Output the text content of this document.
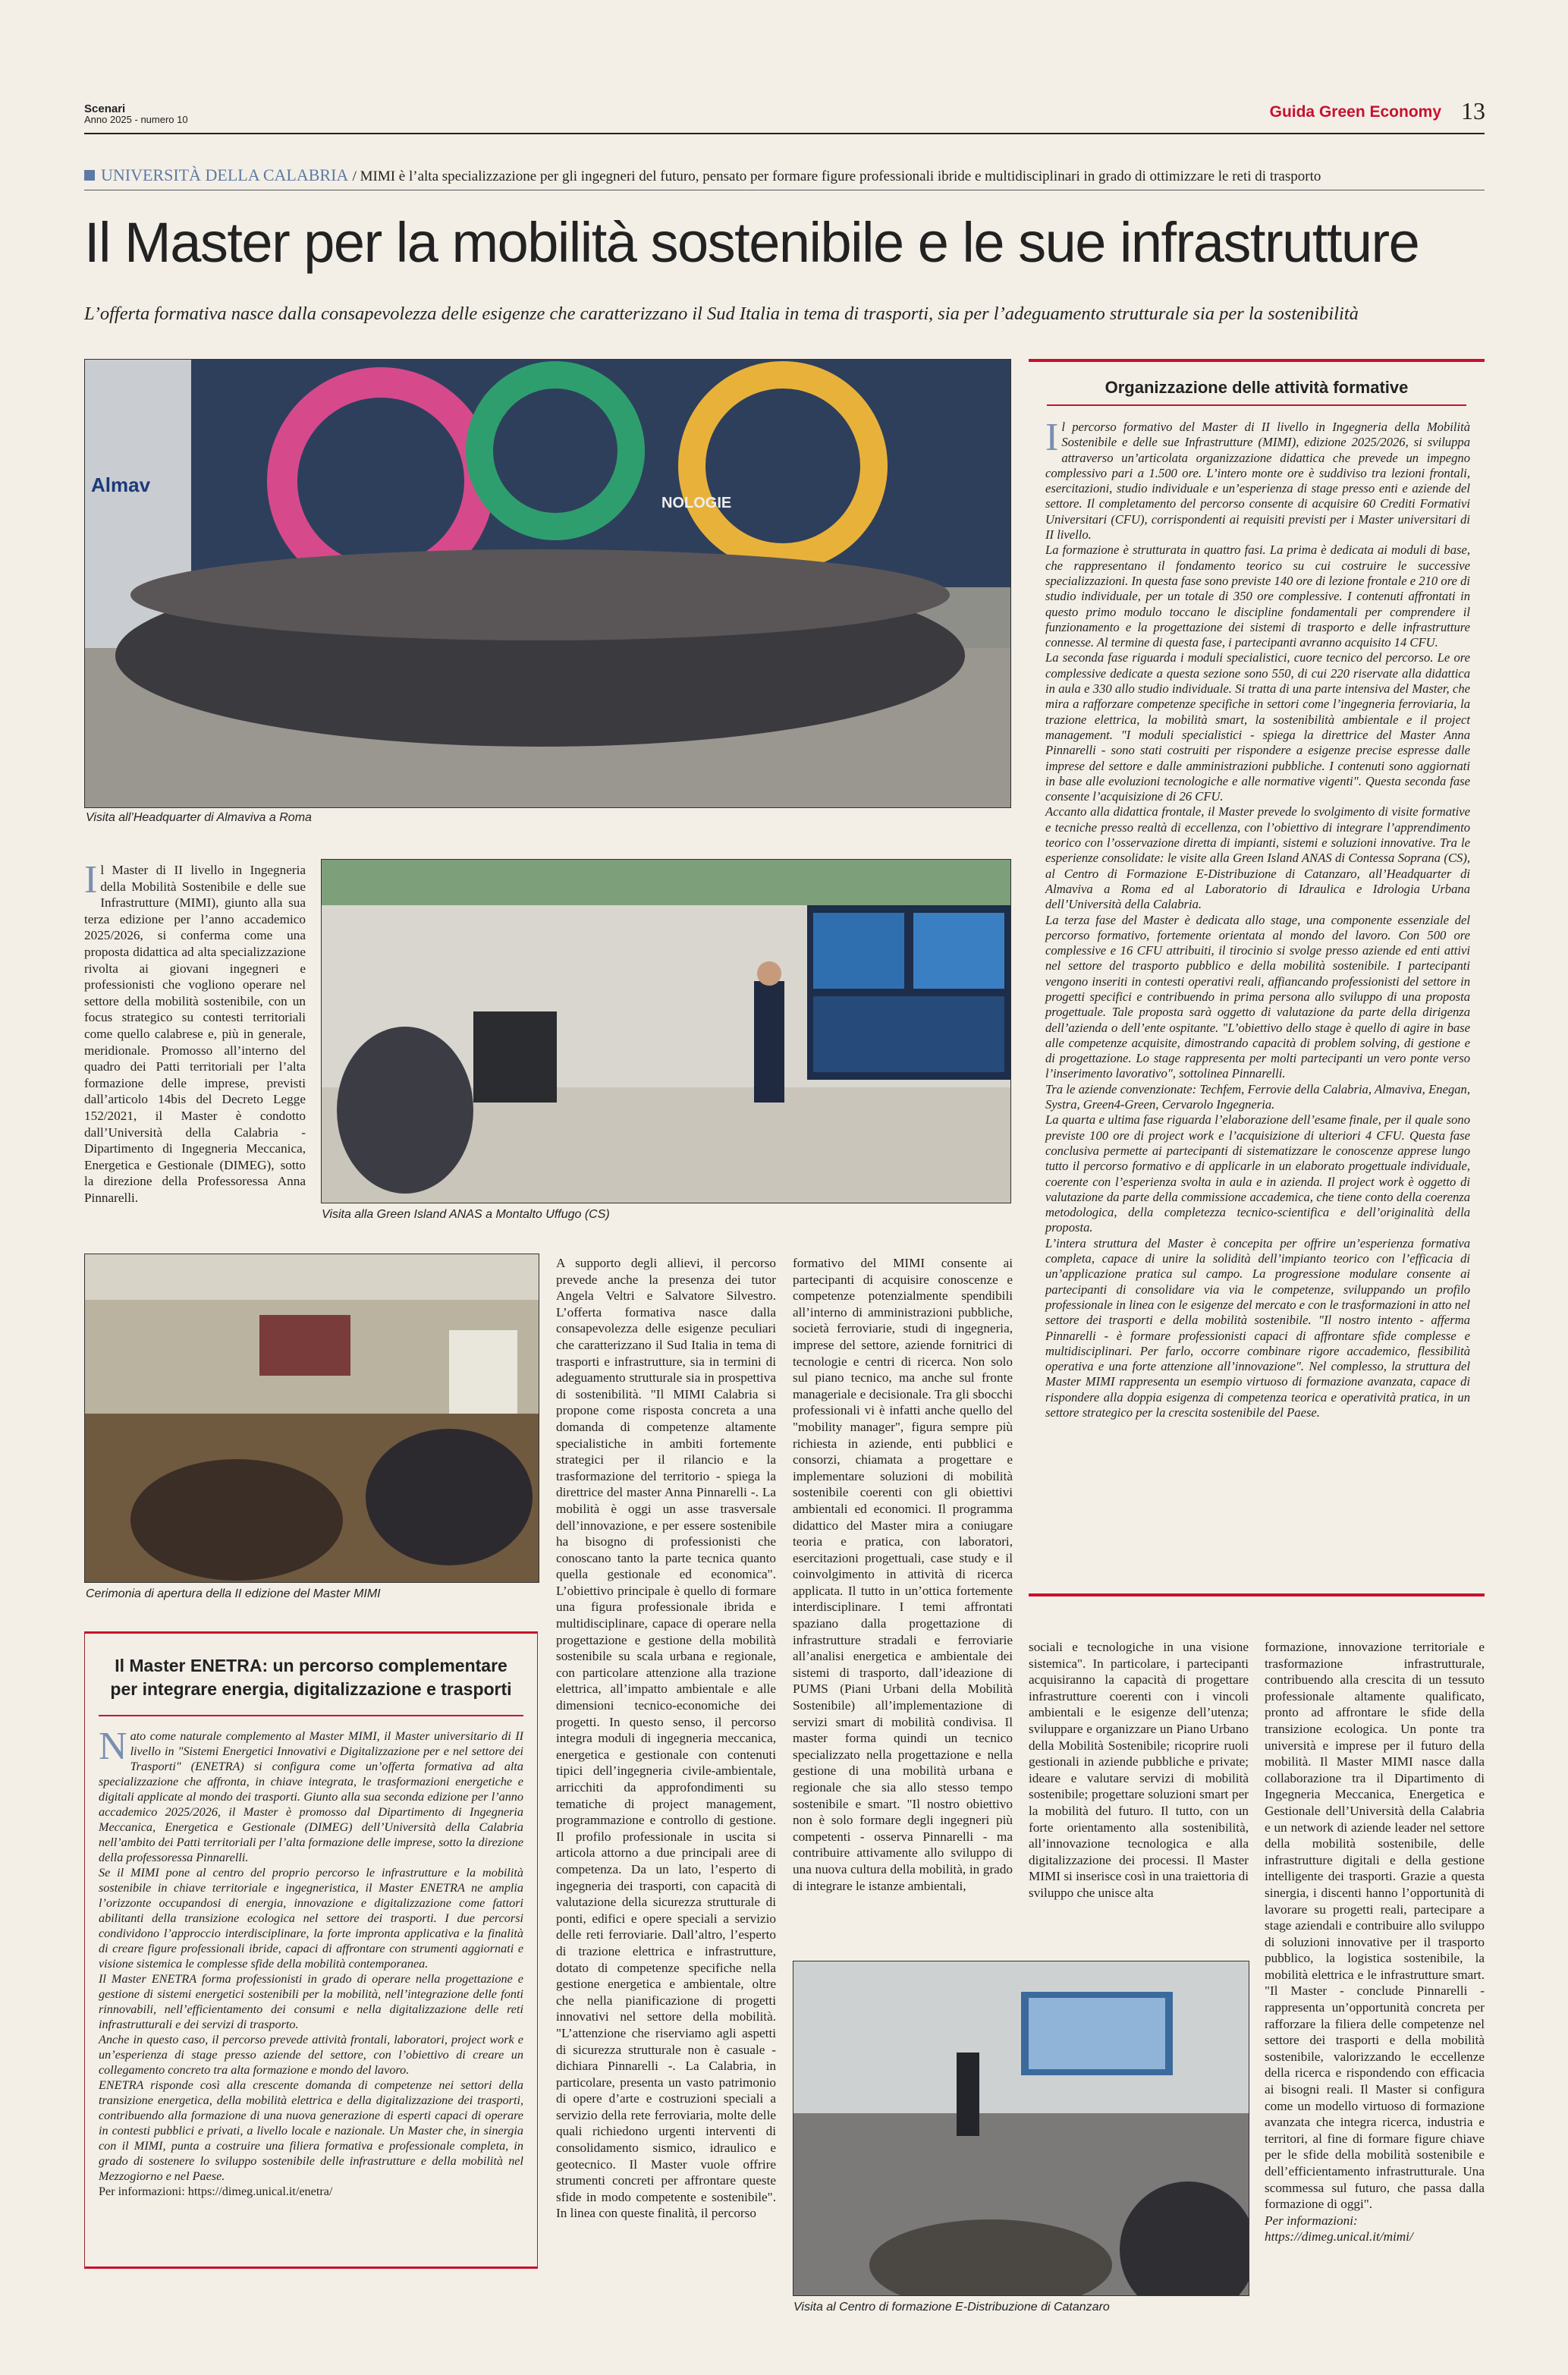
Scenari
Anno 2025 - numero 10	Guida Green Economy 13
UNIVERSITÀ DELLA CALABRIA / MIMI è l’alta specializzazione per gli ingegneri del futuro, pensato per formare figure professionali ibride e multidisciplinari in grado di ottimizzare le reti di trasporto
Il Master per la mobilità sostenibile e le sue infrastrutture
L’offerta formativa nasce dalla consapevolezza delle esigenze che caratterizzano il Sud Italia in tema di trasporti, sia per l’adeguamento strutturale sia per la sostenibilità
Almav
NOLOGIE
Visita all’Headquarter di Almaviva a Roma
Visita alla Green Island ANAS a Montalto Uffugo (CS)
Il Master di II livello in Ingegneria della Mobilità Sostenibile e delle sue Infrastrutture (MIMI), giunto alla sua terza edizione per l’anno accademico 2025/2026, si conferma come una proposta didattica ad alta specializzazione rivolta ai giovani ingegneri e professionisti che vogliono operare nel settore della mobilità sostenibile, con un focus strategico su contesti territoriali come quello calabrese e, più in generale, meridionale. Promosso all’interno del quadro dei Patti territoriali per l’alta formazione delle imprese, previsti dall’articolo 14bis del Decreto Legge 152/2021, il Master è condotto dall’Università della Calabria -Dipartimento di Ingegneria Meccanica, Energetica e Gestionale (DIMEG), sotto la direzione della Professoressa Anna Pinnarelli.
Cerimonia di apertura della II edizione del Master MIMI
A supporto degli allievi, il percorso prevede anche la presenza dei tutor Angela Veltri e Salvatore Silvestro. L’offerta formativa nasce dalla consapevolezza delle esigenze peculiari che caratterizzano il Sud Italia in tema di trasporti e infrastrutture, sia in termini di adeguamento strutturale sia in prospettiva di sostenibilità. "Il MIMI Calabria si propone come risposta concreta a una domanda di competenze altamente specialistiche in ambiti fortemente strategici per il rilancio e la trasformazione del territorio - spiega la direttrice del master Anna Pinnarelli -. La mobilità è oggi un asse trasversale dell’innovazione, e per essere sostenibile ha bisogno di professionisti che conoscano tanto la parte tecnica quanto quella gestionale ed economica". L’obiettivo principale è quello di formare una figura professionale ibrida e multidisciplinare, capace di operare nella progettazione e gestione della mobilità sostenibile su scala urbana e regionale, con particolare attenzione alla trazione elettrica, all’impatto ambientale e alle dimensioni tecnico-economiche dei progetti. In questo senso, il percorso integra moduli di ingegneria meccanica, energetica e gestionale con contenuti tipici dell’ingegneria civile-ambientale, arricchiti da approfondimenti su tematiche di project management, programmazione e controllo di gestione. Il profilo professionale in uscita si articola attorno a due principali aree di competenza. Da un lato, l’esperto di ingegneria dei trasporti, con capacità di valutazione della sicurezza strutturale di ponti, edifici e opere speciali a servizio delle reti ferroviarie. Dall’altro, l’esperto di trazione elettrica e infrastrutture, dotato di competenze specifiche nella gestione energetica e ambientale, oltre che nella pianificazione di progetti innovativi nel settore della mobilità. "L’attenzione che riserviamo agli aspetti di sicurezza strutturale non è casuale - dichiara Pinnarelli -. La Calabria, in particolare, presenta un vasto patrimonio di opere d’arte e costruzioni speciali a servizio della rete ferroviaria, molte delle quali richiedono urgenti interventi di consolidamento sismico, idraulico e geotecnico. Il Master vuole offrire strumenti concreti per affrontare queste sfide in modo competente e sostenibile". In linea con queste finalità, il percorso
formativo del MIMI consente ai partecipanti di acquisire conoscenze e competenze potenzialmente spendibili all’interno di amministrazioni pubbliche, società ferroviarie, studi di ingegneria, imprese del settore, aziende fornitrici di tecnologie e centri di ricerca. Non solo sul piano tecnico, ma anche sul fronte manageriale e decisionale. Tra gli sbocchi professionali vi è infatti anche quello del "mobility manager", figura sempre più richiesta in aziende, enti pubblici e consorzi, chiamata a progettare e implementare soluzioni di mobilità sostenibile coerenti con gli obiettivi ambientali ed economici. Il programma didattico del Master mira a coniugare teoria e pratica, con laboratori, esercitazioni progettuali, case study e il coinvolgimento in attività di ricerca applicata. Il tutto in un’ottica fortemente interdisciplinare. I temi affrontati spaziano dalla progettazione di infrastrutture stradali e ferroviarie all’analisi energetica e ambientale dei sistemi di trasporto, dall’ideazione di PUMS (Piani Urbani della Mobilità Sostenibile) all’implementazione di servizi smart di mobilità condivisa. Il master forma quindi un tecnico specializzato nella progettazione e nella gestione di una mobilità urbana e regionale che sia allo stesso tempo sostenibile e smart. "Il nostro obiettivo non è solo formare degli ingegneri più competenti - osserva Pinnarelli - ma contribuire attivamente allo sviluppo di una nuova cultura della mobilità, in grado di integrare le istanze ambientali,
sociali e tecnologiche in una visione sistemica". In particolare, i partecipanti acquisiranno la capacità di progettare infrastrutture coerenti con i vincoli ambientali e le esigenze dell’utenza; sviluppare e organizzare un Piano Urbano della Mobilità Sostenibile; ricoprire ruoli gestionali in aziende pubbliche e private; ideare e valutare servizi di mobilità sostenibile; progettare soluzioni smart per la mobilità del futuro. Il tutto, con un forte orientamento alla sostenibilità, all’innovazione tecnologica e alla digitalizzazione dei processi. Il Master MIMI si inserisce così in una traiettoria di sviluppo che unisce alta
formazione, innovazione territoriale e trasformazione infrastrutturale, contribuendo alla crescita di un tessuto professionale altamente qualificato, pronto ad affrontare le sfide della transizione ecologica. Un ponte tra università e imprese per il futuro della mobilità. Il Master MIMI nasce dalla collaborazione tra il Dipartimento di Ingegneria Meccanica, Energetica e Gestionale dell’Università della Calabria e un network di aziende leader nel settore della mobilità sostenibile, delle infrastrutture digitali e della gestione intelligente dei trasporti. Grazie a questa sinergia, i discenti hanno l’opportunità di lavorare su progetti reali, partecipare a stage aziendali e contribuire allo sviluppo di soluzioni innovative per il trasporto pubblico, la logistica sostenibile, la mobilità elettrica e le infrastrutture smart. "Il Master - conclude Pinnarelli - rappresenta un’opportunità concreta per rafforzare la filiera delle competenze nel settore dei trasporti e della mobilità sostenibile, valorizzando le eccellenze della ricerca e rispondendo con efficacia ai bisogni reali. Il Master si configura come un modello virtuoso di formazione avanzata che integra ricerca, industria e territori, al fine di formare figure chiave per le sfide della mobilità sostenibile e dell’efficientamento infrastrutturale. Una scommessa sul futuro, che passa dalla formazione di oggi".
Per informazioni:
https://dimeg.unical.it/mimi/
Visita al Centro di formazione E-Distribuzione di Catanzaro
Organizzazione delle attività formative

Il percorso formativo del Master di II livello in Ingegneria della Mobilità Sostenibile e delle sue Infrastrutture (MIMI), edizione 2025/2026, si sviluppa attraverso un’articolata organizzazione didattica che prevede un impegno complessivo pari a 1.500 ore. L’intero monte ore è suddiviso tra lezioni frontali, esercitazioni, studio individuale e un’esperienza di stage presso enti e aziende del settore. Il completamento del percorso consente di acquisire 60 Crediti Formativi Universitari (CFU), corrispondenti ai requisiti previsti per i Master universitari di II livello.

La formazione è strutturata in quattro fasi. La prima è dedicata ai moduli di base, che rappresentano il fondamento teorico su cui costruire le successive specializzazioni. In questa fase sono previste 140 ore di lezione frontale e 210 ore di studio individuale, per un totale di 350 ore complessive. I contenuti affrontati in questo primo modulo toccano le discipline fondamentali per comprendere il funzionamento e la progettazione dei sistemi di trasporto e delle infrastrutture connesse. Al termine di questa fase, i partecipanti avranno acquisito 14 CFU.

La seconda fase riguarda i moduli specialistici, cuore tecnico del percorso. Le ore complessive dedicate a questa sezione sono 550, di cui 220 riservate alla didattica in aula e 330 allo studio individuale. Si tratta di una parte intensiva del Master, che mira a rafforzare competenze specifiche in settori come l’ingegneria ferroviaria, la trazione elettrica, la mobilità smart, la sostenibilità ambientale e il project management. "I moduli specialistici - spiega la direttrice del Master Anna Pinnarelli - sono stati costruiti per rispondere a esigenze precise espresse dalle imprese del settore e dalle amministrazioni pubbliche. I contenuti sono aggiornati in base alle evoluzioni tecnologiche e alle normative vigenti". Questa seconda fase consente l’acquisizione di 26 CFU.

Accanto alla didattica frontale, il Master prevede lo svolgimento di visite formative e tecniche presso realtà di eccellenza, con l’obiettivo di integrare l’apprendimento teorico con l’osservazione diretta di impianti, sistemi e soluzioni innovative. Tra le esperienze consolidate: le visite alla Green Island ANAS di Contessa Soprana (CS), al Centro di Formazione E-Distribuzione di Catanzaro, all’Headquarter di Almaviva a Roma ed al Laboratorio di Idraulica e Idrologia Urbana dell’Università della Calabria.

La terza fase del Master è dedicata allo stage, una componente essenziale del percorso formativo, fortemente orientata al mondo del lavoro. Con 500 ore complessive e 16 CFU attribuiti, il tirocinio si svolge presso aziende ed enti attivi nel settore del trasporto pubblico e della mobilità sostenibile. I partecipanti vengono inseriti in contesti operativi reali, affiancando professionisti del settore in progetti specifici e contribuendo in prima persona allo sviluppo di una proposta progettuale. Tale proposta sarà oggetto di valutazione da parte della dirigenza dell’azienda o dell’ente ospitante. "L’obiettivo dello stage è quello di agire in base alle competenze acquisite, dimostrando capacità di problem solving, di gestione e di progettazione. Lo stage rappresenta per molti partecipanti un vero ponte verso l’inserimento lavorativo", sottolinea Pinnarelli.

Tra le aziende convenzionate: Techfem, Ferrovie della Calabria, Almaviva, Enegan, Systra, Green4-Green, Cervarolo Ingegneria.

La quarta e ultima fase riguarda l’elaborazione dell’esame finale, per il quale sono previste 100 ore di project work e l’acquisizione di ulteriori 4 CFU. Questa fase conclusiva permette ai partecipanti di sistematizzare le conoscenze apprese lungo tutto il percorso formativo e di applicarle in un elaborato progettuale individuale, coerente con l’esperienza svolta in aula e in azienda. Il project work è oggetto di valutazione da parte della commissione accademica, che tiene conto della coerenza metodologica, della completezza tecnico-scientifica e dell’originalità della proposta.

L’intera struttura del Master è concepita per offrire un’esperienza formativa completa, capace di unire la solidità dell’impianto teorico con l’efficacia di un’applicazione pratica sul campo. La progressione modulare consente ai partecipanti di consolidare via via le competenze, sviluppando un profilo professionale in linea con le esigenze del mercato e con le trasformazioni in atto nel settore dei trasporti e della mobilità sostenibile. "Il nostro intento - afferma Pinnarelli - è formare professionisti capaci di affrontare sfide complesse e multidisciplinari. Per farlo, occorre combinare rigore accademico, flessibilità operativa e una forte attenzione all’innovazione". Nel complesso, la struttura del Master MIMI rappresenta un esempio virtuoso di formazione avanzata, capace di rispondere alla doppia esigenza di competenza teorica e operatività pratica, in un settore strategico per la crescita sostenibile del Paese.

Il Master ENETRA: un percorso complementare
per integrare energia, digitalizzazione e trasporti

Nato come naturale complemento al Master MIMI, il Master universitario di II livello in "Sistemi Energetici Innovativi e Digitalizzazione per e nel settore dei Trasporti" (ENETRA) si configura come un’offerta formativa ad alta specializzazione che affronta, in chiave integrata, le trasformazioni energetiche e digitali applicate al mondo dei trasporti. Giunto alla sua seconda edizione per l’anno accademico 2025/2026, il Master è promosso dal Dipartimento di Ingegneria Meccanica, Energetica e Gestionale (DIMEG) dell’Università della Calabria nell’ambito dei Patti territoriali per l’alta formazione delle imprese, sotto la direzione della professoressa Pinnarelli.

Se il MIMI pone al centro del proprio percorso le infrastrutture e la mobilità sostenibile in chiave territoriale e ingegneristica, il Master ENETRA ne amplia l’orizzonte occupandosi di energia, innovazione e digitalizzazione come fattori abilitanti della transizione ecologica nel settore dei trasporti. I due percorsi condividono l’approccio interdisciplinare, la forte impronta applicativa e la finalità di creare figure professionali ibride, capaci di affrontare con strumenti aggiornati e visione sistemica le complesse sfide della mobilità contemporanea.

Il Master ENETRA forma professionisti in grado di operare nella progettazione e gestione di sistemi energetici sostenibili per la mobilità, nell’integrazione delle fonti rinnovabili, nell’efficientamento dei consumi e nella digitalizzazione delle reti infrastrutturali e dei servizi di trasporto.

Anche in questo caso, il percorso prevede attività frontali, laboratori, project work e un’esperienza di stage presso aziende del settore, con l’obiettivo di creare un collegamento concreto tra alta formazione e mondo del lavoro.

ENETRA risponde così alla crescente domanda di competenze nei settori della transizione energetica, della mobilità elettrica e della digitalizzazione dei trasporti, contribuendo alla formazione di una nuova generazione di esperti capaci di operare in contesti pubblici e privati, a livello locale e nazionale. Un Master che, in sinergia con il MIMI, punta a costruire una filiera formativa e professionale completa, in grado di sostenere lo sviluppo sostenibile delle infrastrutture e della mobilità nel Mezzogiorno e nel Paese.

Per informazioni: https://dimeg.unical.it/enetra/
